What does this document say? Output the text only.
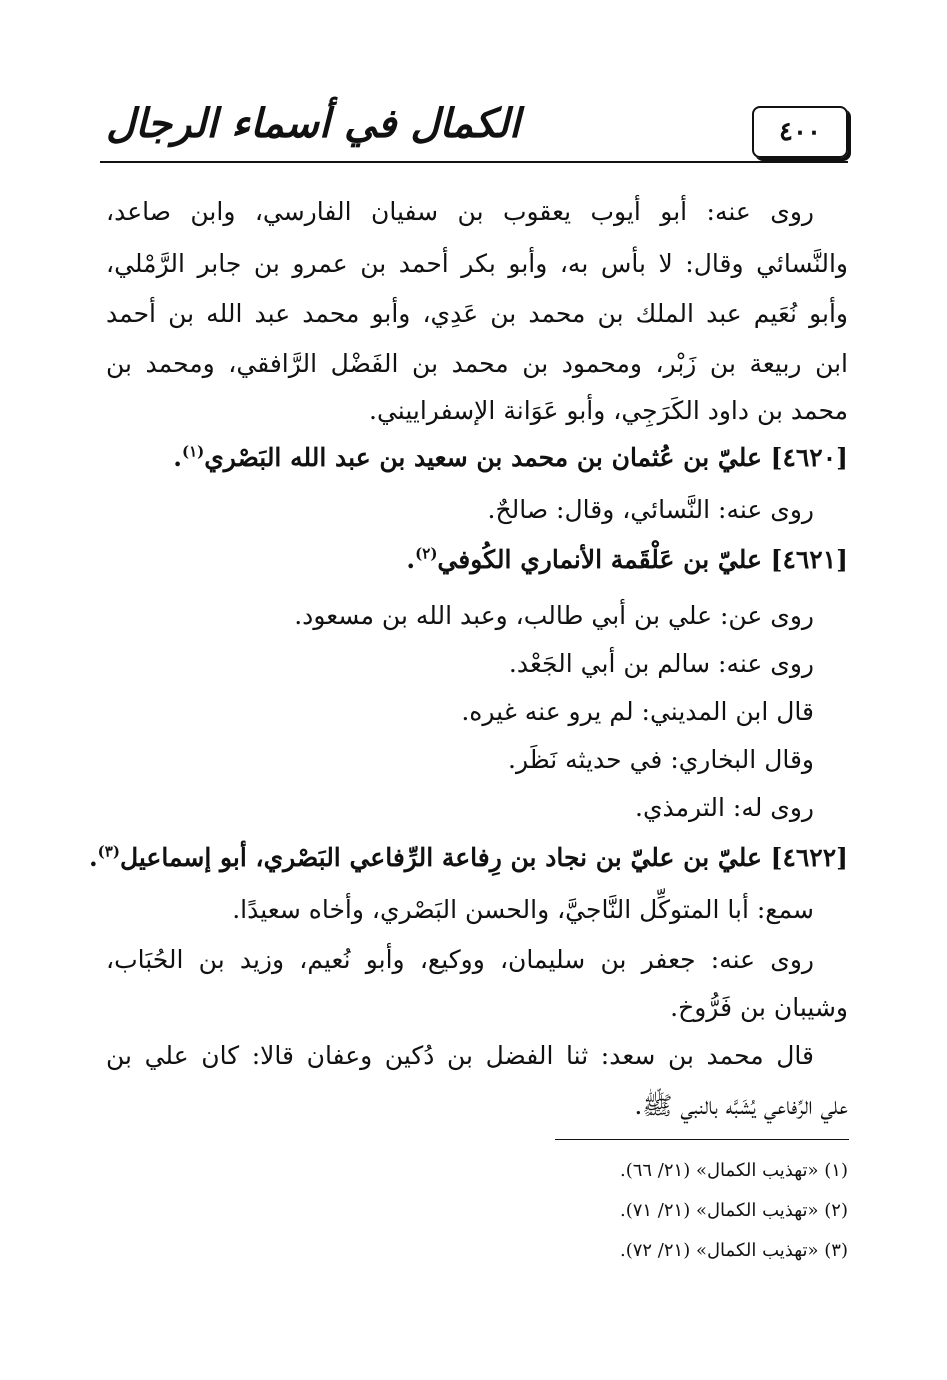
٤٠٠
الكمال في أسماء الرجال
روى عنه: أبو أيوب يعقوب بن سفيان الفارسي، وابن صاعد،
والنَّسائي وقال: لا بأس به، وأبو بكر أحمد بن عمرو بن جابر الرَّمْلي،
وأبو نُعَيم عبد الملك بن محمد بن عَدِي، وأبو محمد عبد الله بن أحمد
ابن ربيعة بن زَبْر، ومحمود بن محمد بن الفَضْل الرَّافقي، ومحمد بن
محمد بن داود الكَرَجِي، وأبو عَوَانة الإسفراييني.
[٤٦٢٠] عليّ بن عُثمان بن محمد بن سعيد بن عبد الله البَصْري$^{(١)}$.
روى عنه: النَّسائي، وقال: صالحٌ.
[٤٦٢١] عليّ بن عَلْقَمة الأنماري الكُوفي$^{(٢)}$.
روى عن: علي بن أبي طالب، وعبد الله بن مسعود.
روى عنه: سالم بن أبي الجَعْد.
قال ابن المديني: لم يرو عنه غيره.
وقال البخاري: في حديثه نَظَر.
روى له: الترمذي.
[٤٦٢٢] عليّ بن عليّ بن نجاد بن رِفاعة الرِّفاعي البَصْري، أبو إسماعيل$^{(٣)}$.
سمع: أبا المتوكِّل النَّاجيَّ، والحسن البَصْري، وأخاه سعيدًا.
روى عنه: جعفر بن سليمان، ووكيع، وأبو نُعيم، وزيد بن الحُبَاب،
وشيبان بن فَرُّوخ.
قال محمد بن سعد: ثنا الفضل بن دُكين وعفان قالا: كان علي بن
علي الرِّفاعي يُشَبَّه بالنبي ﷺ.
(١) «تهذيب الكمال» (٢١/ ٦٦).
(٢) «تهذيب الكمال» (٢١/ ٧١).
(٣) «تهذيب الكمال» (٢١/ ٧٢).
